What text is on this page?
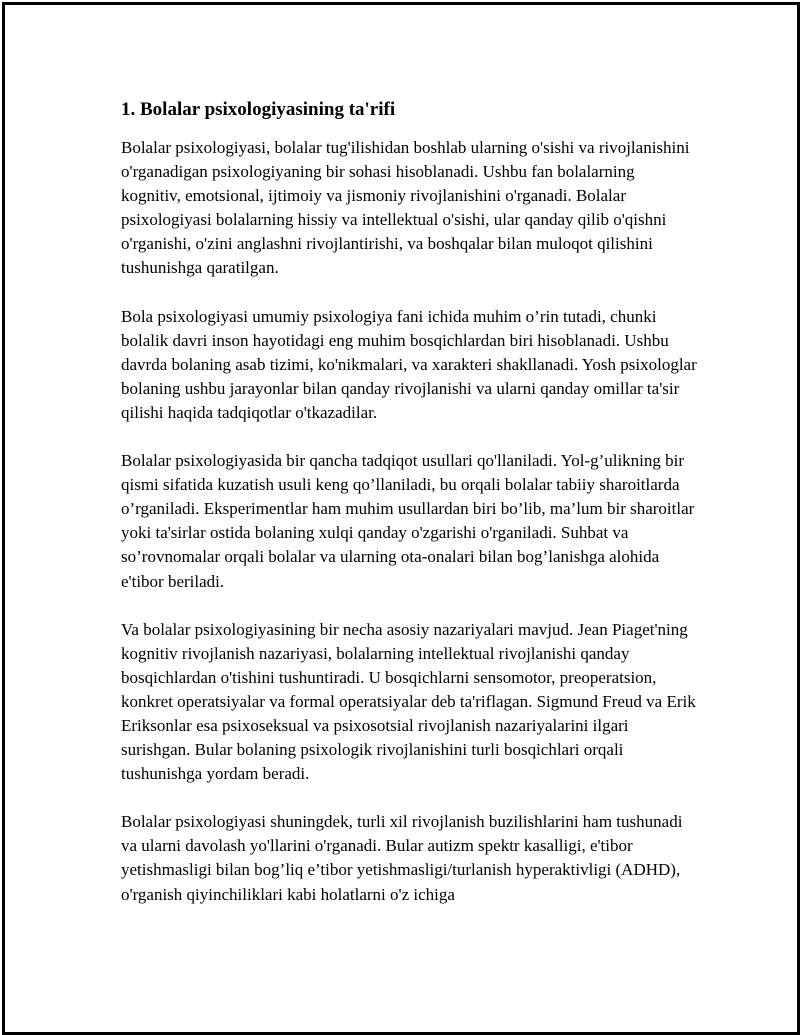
1. Bolalar psixologiyasining ta'rifi

Bolalar psixologiyasi, bolalar tug'ilishidan boshlab ularning o'sishi va rivojlanishini o'rganadigan psixologiyaning bir sohasi hisoblanadi. Ushbu fan bolalarning kognitiv, emotsional, ijtimoiy va jismoniy rivojlanishini o'rganadi. Bolalar psixologiyasi bolalarning hissiy va intellektual o'sishi, ular qanday qilib o'qishni o'rganishi, o'zini anglashni rivojlantirishi, va boshqalar bilan muloqot qilishini tushunishga qaratilgan.

Bola psixologiyasi umumiy psixologiya fani ichida muhim o’rin tutadi, chunki bolalik davri inson hayotidagi eng muhim bosqichlardan biri hisoblanadi. Ushbu davrda bolaning asab tizimi, ko'nikmalari, va xarakteri shakllanadi. Yosh psixologlar bolaning ushbu jarayonlar bilan qanday rivojlanishi va ularni qanday omillar ta'sir qilishi haqida tadqiqotlar o'tkazadilar.

Bolalar psixologiyasida bir qancha tadqiqot usullari qo'llaniladi. Yol-g’ulikning bir qismi sifatida kuzatish usuli keng qo’llaniladi, bu orqali bolalar tabiiy sharoitlarda o’rganiladi. Eksperimentlar ham muhim usullardan biri bo’lib, ma’lum bir sharoitlar yoki ta'sirlar ostida bolaning xulqi qanday o'zgarishi o'rganiladi. Suhbat va so’rovnomalar orqali bolalar va ularning ota-onalari bilan bog’lanishga alohida e'tibor beriladi.

Va bolalar psixologiyasining bir necha asosiy nazariyalari mavjud. Jean Piaget'ning kognitiv rivojlanish nazariyasi, bolalarning intellektual rivojlanishi qanday bosqichlardan o'tishini tushuntiradi. U bosqichlarni sensomotor, preoperatsion, konkret operatsiyalar va formal operatsiyalar deb ta'riflagan. Sigmund Freud va Erik Eriksonlar esa psixoseksual va psixosotsial rivojlanish nazariyalarini ilgari surishgan. Bular bolaning psixologik rivojlanishini turli bosqichlari orqali tushunishga yordam beradi.

Bolalar psixologiyasi shuningdek, turli xil rivojlanish buzilishlarini ham tushunadi va ularni davolash yo'llarini o'rganadi. Bular autizm spektr kasalligi, e'tibor yetishmasligi bilan bog’liq e’tibor yetishmasligi/turlanish hyperaktivligi (ADHD), o'rganish qiyinchiliklari kabi holatlarni o'z ichiga
